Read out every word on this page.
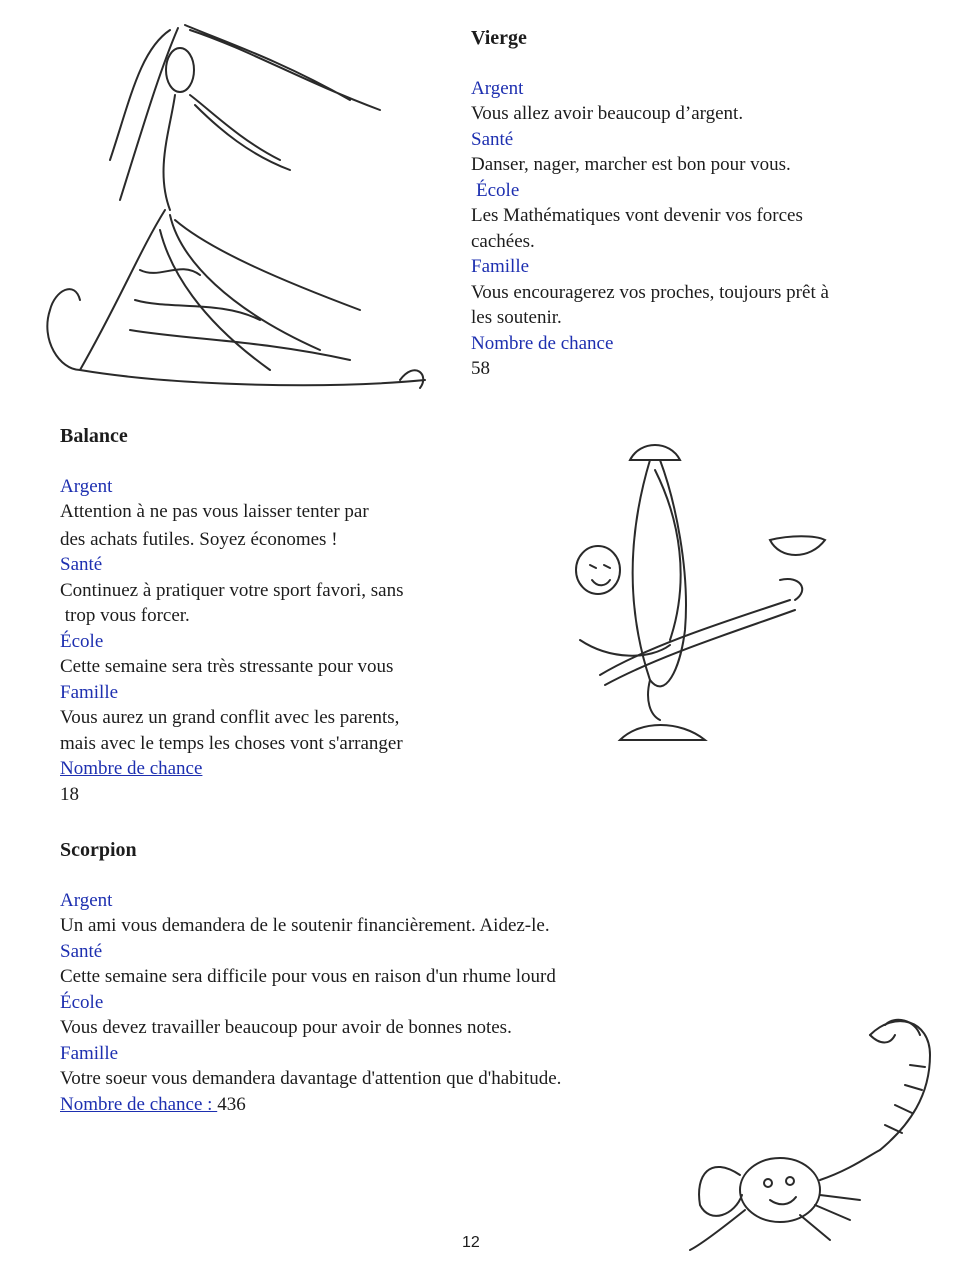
Vierge
Argent
Vous allez avoir beaucoup d’argent.
Santé
Danser, nager, marcher est bon pour vous.
École
Les Mathématiques vont devenir vos forces
cachées.
Famille
Vous encouragerez vos proches, toujours prêt à
les soutenir.
Nombre de chance
58
Balance
Argent
Attention à ne pas vous laisser tenter par
des achats futiles. Soyez économes !
Santé
Continuez à pratiquer votre sport favori, sans
trop vous forcer.
École
Cette semaine sera très stressante pour vous
Famille
Vous aurez un grand conflit avec les parents,
mais avec le temps les choses vont s'arranger
Nombre de chance
18
Scorpion
Argent
Un ami vous demandera de le soutenir financièrement. Aidez-le.
Santé
Cette semaine sera difficile pour vous en raison d'un rhume lourd
École
Vous devez travailler beaucoup pour avoir de bonnes notes.
Famille
Votre soeur vous demandera davantage d'attention que d'habitude.
Nombre de chance : 436
12
